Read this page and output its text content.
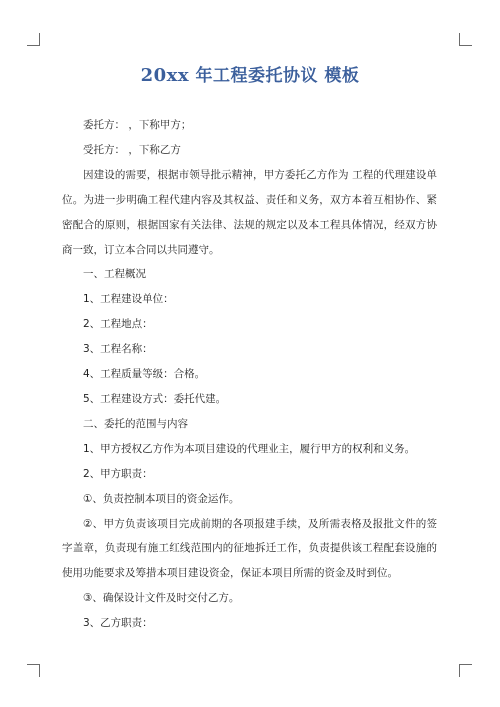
20xx 年工程委托协议 模板

委托方： ，下称甲方；

受托方： ，下称乙方

因建设的需要，根据市领导批示精神，甲方委托乙方作为 工程的代理建设单位。为进一步明确工程代建内容及其权益、责任和义务，双方本着互相协作、紧密配合的原则，根据国家有关法律、法规的规定以及本工程具体情况，经双方协商一致，订立本合同以共同遵守。

一、工程概况

1、工程建设单位：

2、工程地点：

3、工程名称：

4、工程质量等级：合格。

5、工程建设方式：委托代建。

二、委托的范围与内容

1、甲方授权乙方作为本项目建设的代理业主，履行甲方的权利和义务。

2、甲方职责：

①、负责控制本项目的资金运作。

②、甲方负责该项目完成前期的各项报建手续，及所需表格及报批文件的签字盖章，负责现有施工红线范围内的征地拆迁工作，负责提供该工程配套设施的使用功能要求及筹措本项目建设资金，保证本项目所需的资金及时到位。

③、确保设计文件及时交付乙方。

3、乙方职责：
